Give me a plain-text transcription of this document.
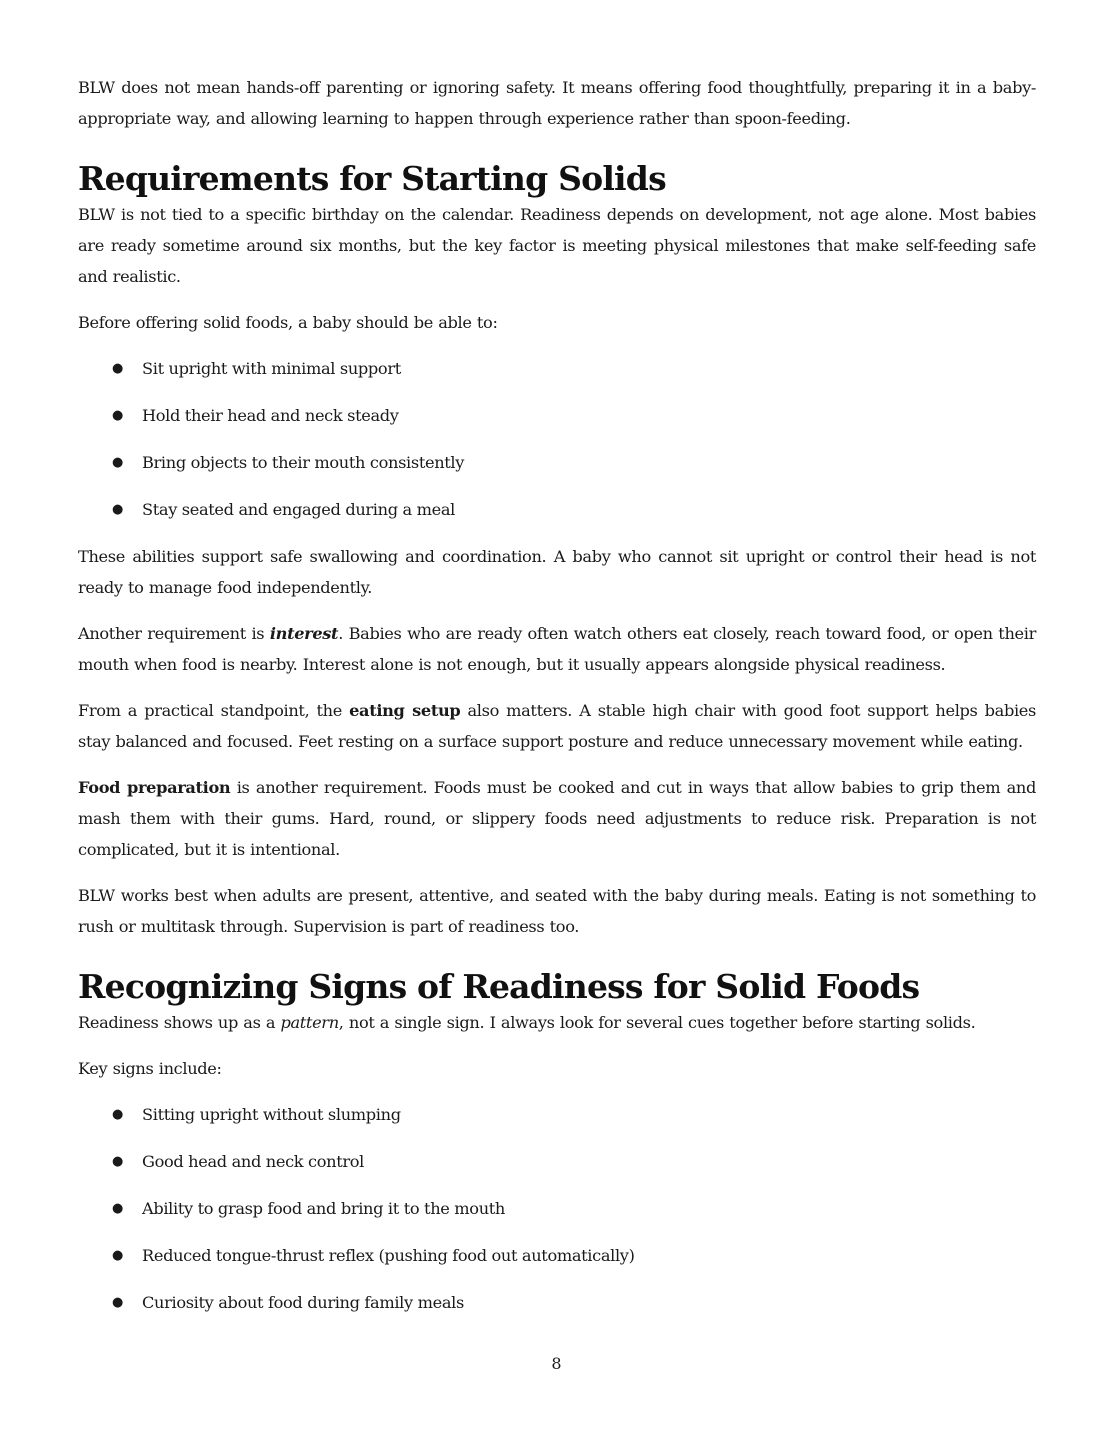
BLW does not mean hands-off parenting or ignoring safety. It means offering food thoughtfully, preparing it in a baby-appropriate way, and allowing learning to happen through experience rather than spoon-feeding.

Requirements for Starting Solids

BLW is not tied to a specific birthday on the calendar. Readiness depends on development, not age alone. Most babies are ready sometime around six months, but the key factor is meeting physical milestones that make self-feeding safe and realistic.

Before offering solid foods, a baby should be able to:

● Sit upright with minimal support
● Hold their head and neck steady
● Bring objects to their mouth consistently
● Stay seated and engaged during a meal

These abilities support safe swallowing and coordination. A baby who cannot sit upright or control their head is not ready to manage food independently.

Another requirement is interest. Babies who are ready often watch others eat closely, reach toward food, or open their mouth when food is nearby. Interest alone is not enough, but it usually appears alongside physical readiness.

From a practical standpoint, the eating setup also matters. A stable high chair with good foot support helps babies stay balanced and focused. Feet resting on a surface support posture and reduce unnecessary movement while eating.

Food preparation is another requirement. Foods must be cooked and cut in ways that allow babies to grip them and mash them with their gums. Hard, round, or slippery foods need adjustments to reduce risk. Preparation is not complicated, but it is intentional.

BLW works best when adults are present, attentive, and seated with the baby during meals. Eating is not something to rush or multitask through. Supervision is part of readiness too.

Recognizing Signs of Readiness for Solid Foods

Readiness shows up as a pattern, not a single sign. I always look for several cues together before starting solids.

Key signs include:

● Sitting upright without slumping
● Good head and neck control
● Ability to grasp food and bring it to the mouth
● Reduced tongue-thrust reflex (pushing food out automatically)
● Curiosity about food during family meals
8
